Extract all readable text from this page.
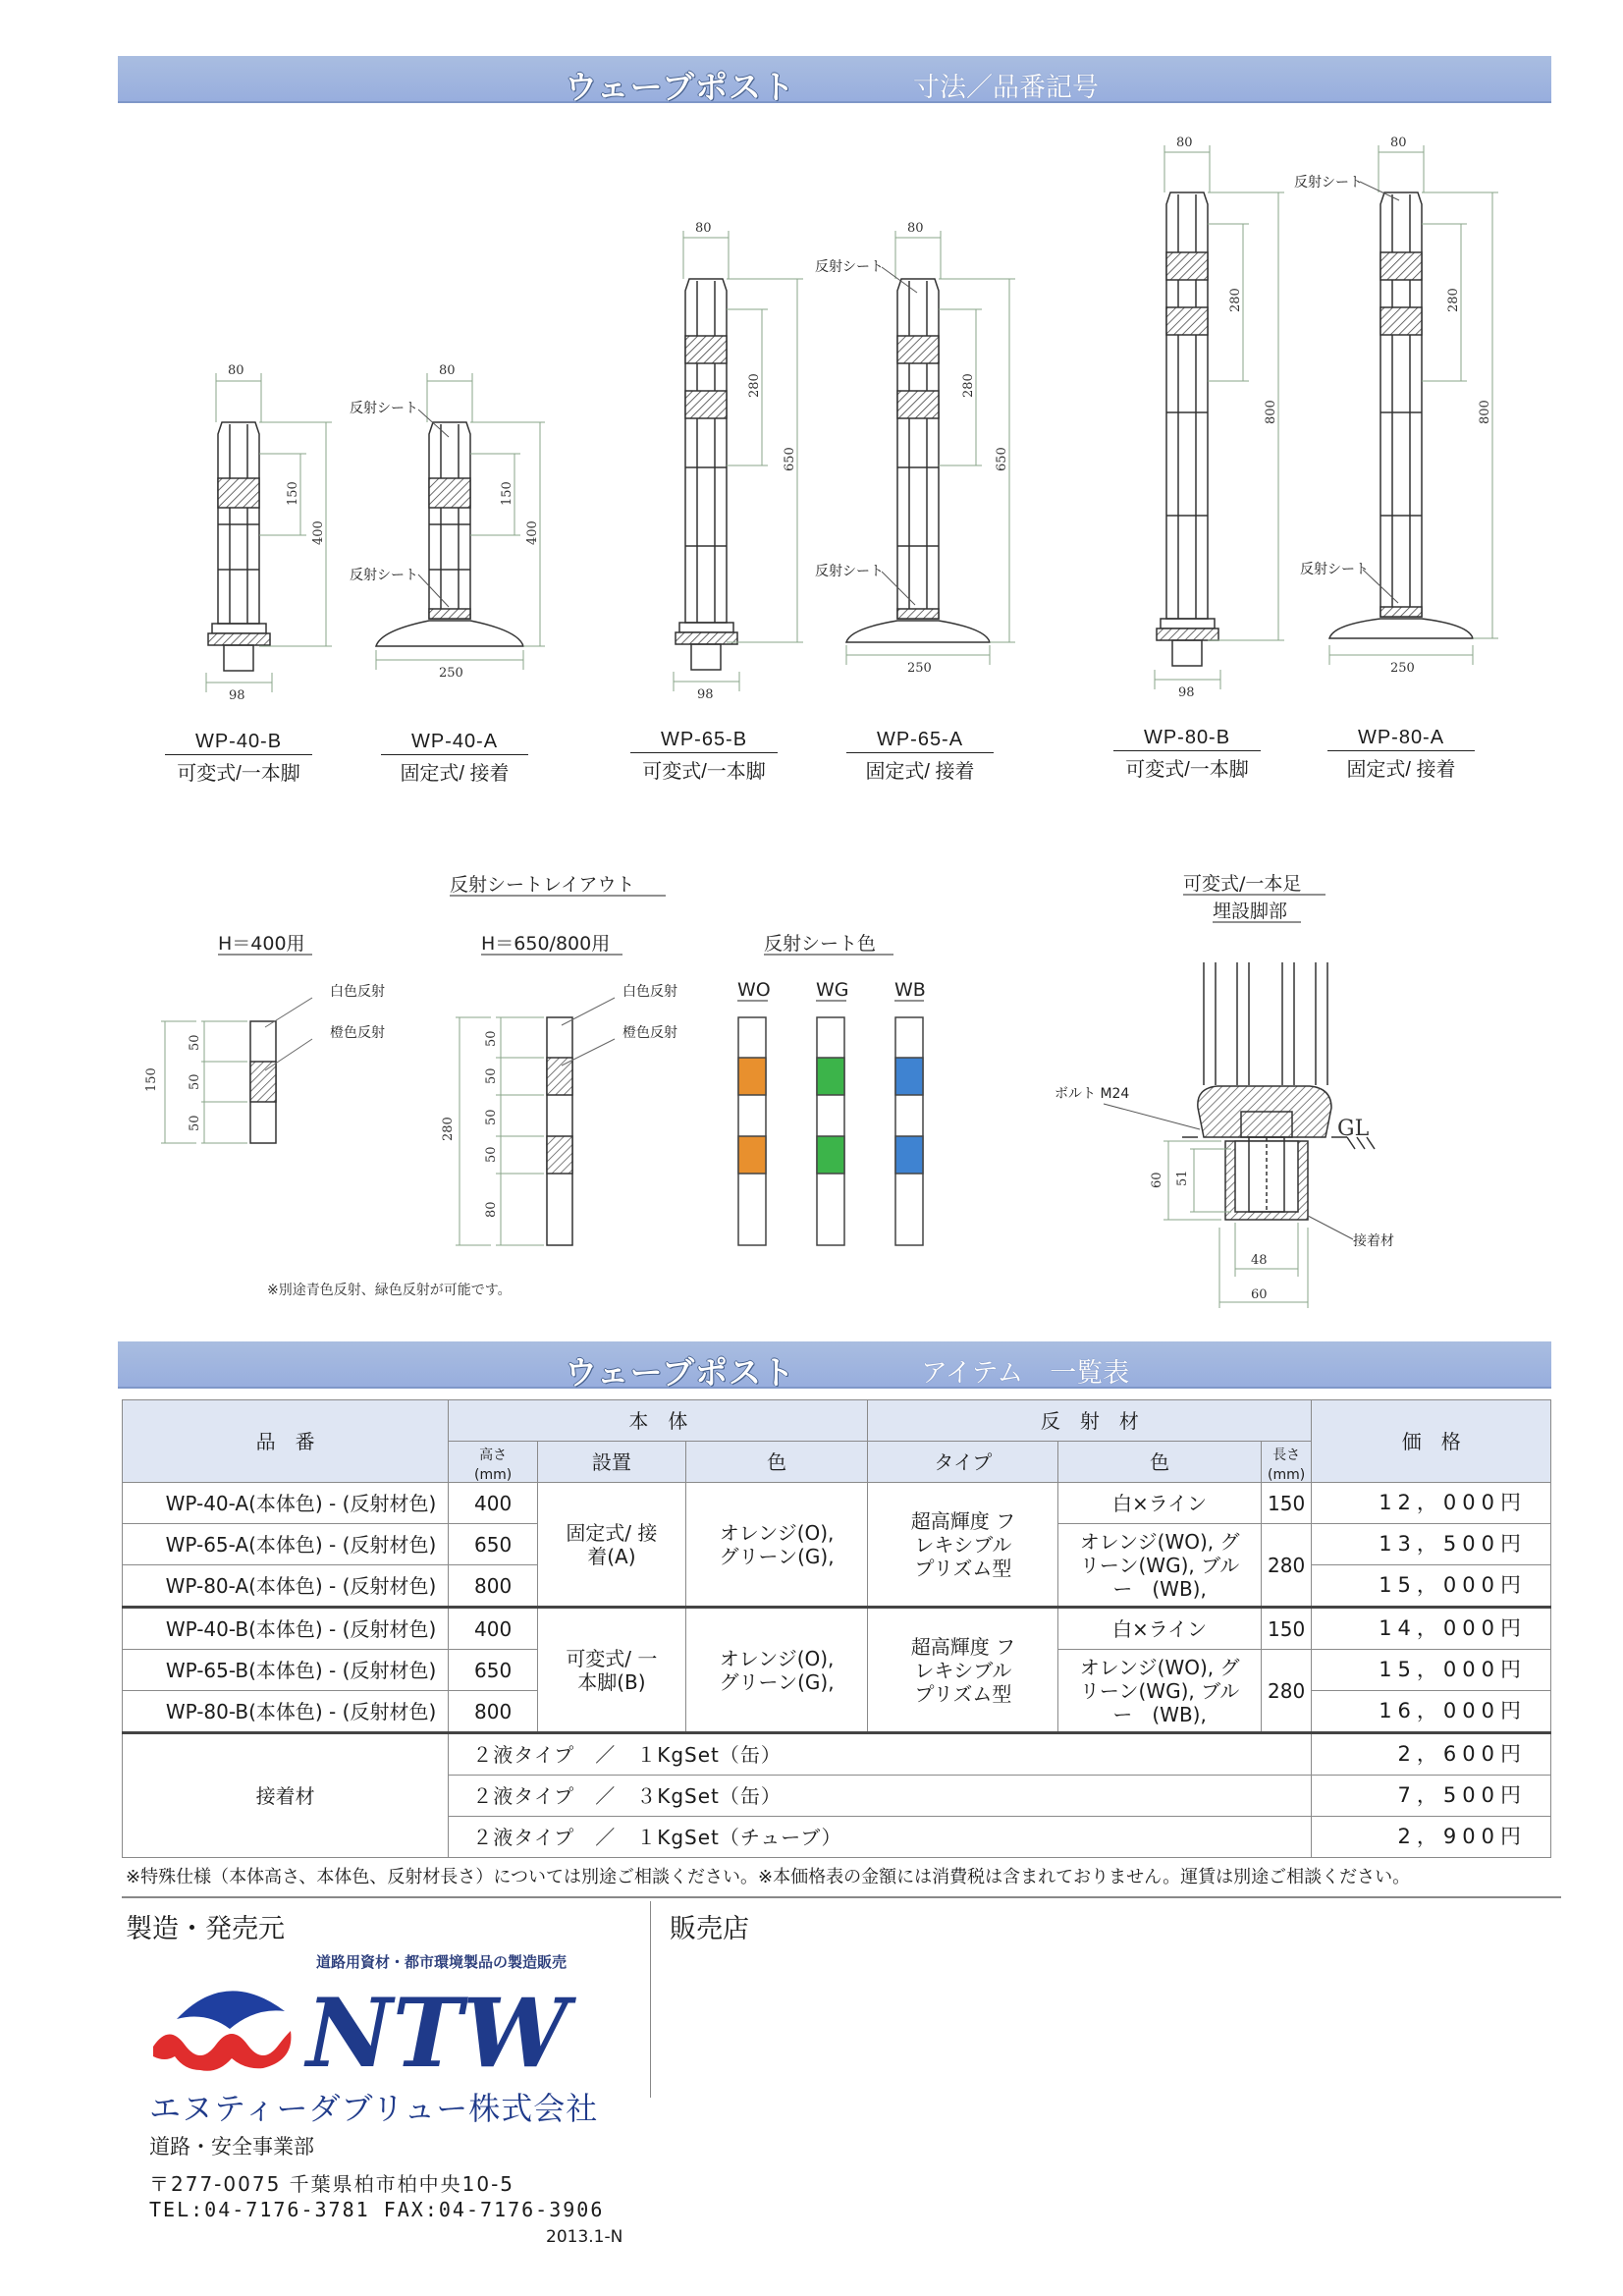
ウェーブポスト	寸法／品番記号
80	80
80	80
80	80
98	98	98
250	250	250
150	150
400	400
280	280
650	650
280	280
800	800
反射シート
反射シート
反射シート
反射シート
反射シート
反射シート
WP-40-B
可変式/一本脚
WP-40-A
固定式/ 接着
WP-65-B
可変式/一本脚
WP-65-A
固定式/ 接着
WP-80-B
可変式/一本脚
WP-80-A
固定式/ 接着
反射シートレイアウト
H＝400用	H＝650/800用	反射シート色
可変式/一本足
埋設脚部
白色反射
橙色反射
白色反射
橙色反射
150
50
50
50	280
50
50
50
50
80
WO WG WB
※別途青色反射、緑色反射が可能です。
ボルト M24
接着材
GL
60 51
48
60
ウェーブポスト	アイテム　一覧表
品　番	本　体			反　射　材			価　格
	高さ
(mm)	設置	色	タイプ	色	長さ
(mm)	
WP-40-A(本体色) - (反射材色)	400	固定式/ 接着(A)	オレンジ(O), グリーン(G),	超高輝度 フレキシブル プリズム型	白×ライン	150	12，000円
WP-65-A(本体色) - (反射材色)	650				オレンジ(WO), グリーン(WG), ブルー　(WB),	280	13，500円
WP-80-A(本体色) - (反射材色)	800						15，000円
WP-40-B(本体色) - (反射材色)	400	可変式/ 一本脚(B)	オレンジ(O), グリーン(G),	超高輝度 フレキシブル プリズム型	白×ライン	150	14，000円
WP-65-B(本体色) - (反射材色)	650				オレンジ(WO), グリーン(WG), ブルー　(WB),	280	15，000円
WP-80-B(本体色) - (反射材色)	800						16，000円
接着材	２液タイプ　／　１KgSet（缶）						2，600円
	２液タイプ　／　３KgSet（缶）						7，500円
	２液タイプ　／　１KgSet（チューブ）						2，900円
※特殊仕様（本体高さ、本体色、反射材長さ）については別途ご相談ください。※本価格表の金額には消費税は含まれておりません。運賃は別途ご相談ください。
製造・発売元	販売店
道路用資材・都市環境製品の製造販売
NTW
エヌティーダブリュー株式会社
道路・安全事業部
〒277-0075 千葉県柏市柏中央10-5
TEL:04-7176-3781 FAX:04-7176-3906
2013.1-N
